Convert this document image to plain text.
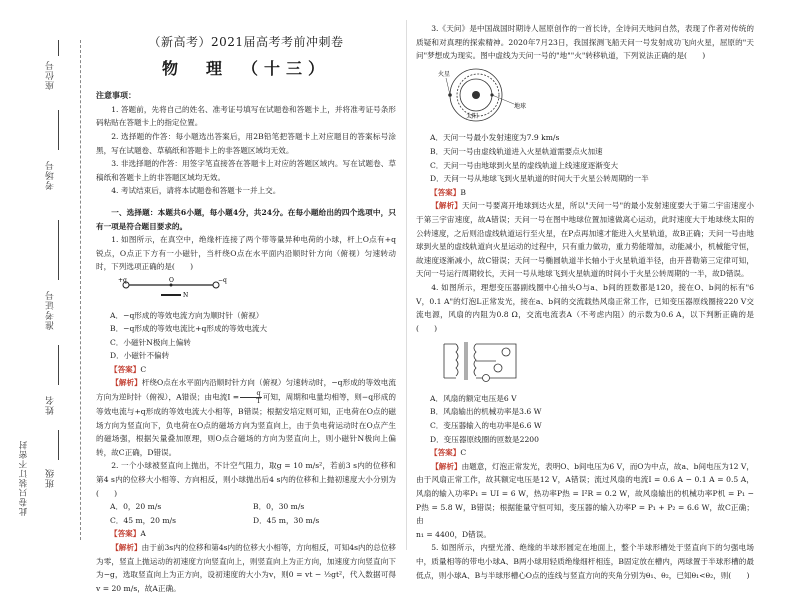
座位号
考场号
准考证号
姓名
班级
此卷只装订不密封
（新高考）2021届高考考前冲刺卷
物　理　（十三）
注意事项：

1. 答题前，先将自己的姓名、准考证号填写在试题卷和答题卡上，并将准考证号条形码粘贴在答题卡上的指定位置。

2. 选择题的作答：每小题选出答案后，用2B铅笔把答题卡上对应题目的答案标号涂黑，写在试题卷、草稿纸和答题卡上的非答题区域均无效。

3. 非选择题的作答：用签字笔直接答在答题卡上对应的答题区域内。写在试题卷、草稿纸和答题卡上的非答题区域均无效。

4. 考试结束后，请将本试题卷和答题卡一并上交。

一、选择题：本题共6小题，每小题4分，共24分。在每小题给出的四个选项中，只有一项是符合题目要求的。

1. 如图所示，在真空中，绝缘杆连接了两个带等量异种电荷的小球，杆上O点有+q锐点，O点正下方有一小磁针，当杆绕O点在水平面内沿顺时针方向（俯视）匀速转动时，下列选项正确的是(　　)

+q	O	−q
N
A．−q形成的等效电流方向为顺时针（俯视）
B．−q形成的等效电流比+q形成的等效电流大
C．小磁针N极向上偏转
D．小磁针不偏转
【答案】C

【解析】杆绕O点在水平面内沿顺时针方向（俯视）匀速转动时，−q形成的等效电流方向为逆时针（俯视），A错误；由电流$I = \frac{q}{T}$ 可知，周期和电量均相等，则−q形成的等效电流与+q形成的等效电流大小相等，B错误；根据安培定则可知，正电荷在O点的磁场方向为竖直向下，负电荷在O点的磁场方向为竖直向上，由于负电荷运动时在O点产生的磁场强，根据矢量叠加原理，则O点合磁场的方向为竖直向上，则小磁针N极向上偏转，故C正确，D错误。

2. 一个小球被竖直向上抛出，不计空气阻力，取g = 10 m/s²，若前3 s内的位移和第4 s内的位移大小相等、方向相反，则小球抛出后4 s内的位移和上抛初速度大小分别为(　　)

A．0，20 m/s	B．0，30 m/s
C．45 m，20 m/s	D．45 m，30 m/s
【答案】A

【解析】由于前3s内的位移和第4s内的位移大小相等，方向相反，可知4s内的总位移为零，竖直上抛运动的初速度方向竖直向上，则竖直向上为正方向，加速度方向竖直向下为−g，选取竖直向上为正方向，设初速度的大小为v，则0 = vt − ½gt²，代入数据可得v = 20 m/s，故A正确。

3.《天问》是中国战国时期诗人屈原创作的一首长诗，全诗问天地问自然，表现了作者对传统的质疑和对真理的探索精神。2020年7月23日，我国探测飞船天问一号发射成功飞向火星，屈原的"天问"梦想成为现实。图中虚线为天问一号的"地""火"转移轨道，下列说法正确的是(　　)

地球
火星
太阳
A．天问一号最小发射速度为7.9 km/s
B．天问一号由虚线轨道进入火星轨道需要点火加速
C．天问一号由地球到火星的虚线轨道上线速度逐渐变大
D．天问一号从地球飞到火星轨道的时间大于火星公转周期的一半
【答案】B

【解析】天问一号要离开地球到达火星，所以"天问一号"的最小发射速度要大于第二宇宙速度小于第三宇宙速度，故A错误；天问一号在图中地球位置加速做离心运动，此时速度大于地球绕太阳的公转速度，之后则沿虚线轨道运行至火星，在P点再加速才能进入火星轨道，故B正确；天问一号由地球到火星的虚线轨道向火星运动的过程中，只有重力做功，重力势能增加，动能减小，机械能守恒，故速度逐渐减小，故C错误；天问一号椭圆轨道半长轴小于火星轨道半径，由开普勒第三定律可知，天问一号运行周期较长，天问一号从地球飞到火星轨道的时间小于火星公转周期的一半，故D错误。

4. 如图所示，理想变压器副线圈中心抽头O与a、b间的匝数都是120，接在O、b间的标有"6 V，0.1 A"的灯泡L正常发光，接在a、b间的交流载热风扇正常工作，已知变压器原线圈接220 V交流电源，风扇的内阻为0.8 Ω，交流电流表A（不考虑内阻）的示数为0.6 A，以下判断正确的是(　　)

A．风扇的额定电压是6 V
B．风扇输出的机械功率是3.6 W
C．变压器输入的电功率是6.6 W
D．变压器原线圈的匝数是2200
【答案】C

【解析】由题意，灯泡正常发光，表明O、b间电压为6 V，而O为中点，故a、b间电压为12 V，由于风扇正常工作，故其额定电压是12 V，A错误；流过风扇的电流I = 0.6 A − 0.1 A = 0.5 A，风扇的输入功率P₁ = UI = 6 W，热功率P热 = I²R = 0.2 W，故风扇输出的机械功率P机 = P₁ − P热 = 5.8 W，B错误；根据能量守恒可知，变压器的输入功率P = P₁ + P₂ = 6.6 W，故C正确；由

n₁ = 4400，D错误。

5. 如图所示，内壁光滑、绝缘的半球形圆定在地面上，整个半球形槽处于竖直向下的匀强电场中，质量相等的带电小球A、B两小球用轻质绝缘细杆相连，B固定放在槽内，两球置于半球形槽的最低点，则小球A、B与半球形槽心O点的连线与竖直方向的夹角分别为θ₁、θ₂，已知θ₁<θ₂，则(　　)
